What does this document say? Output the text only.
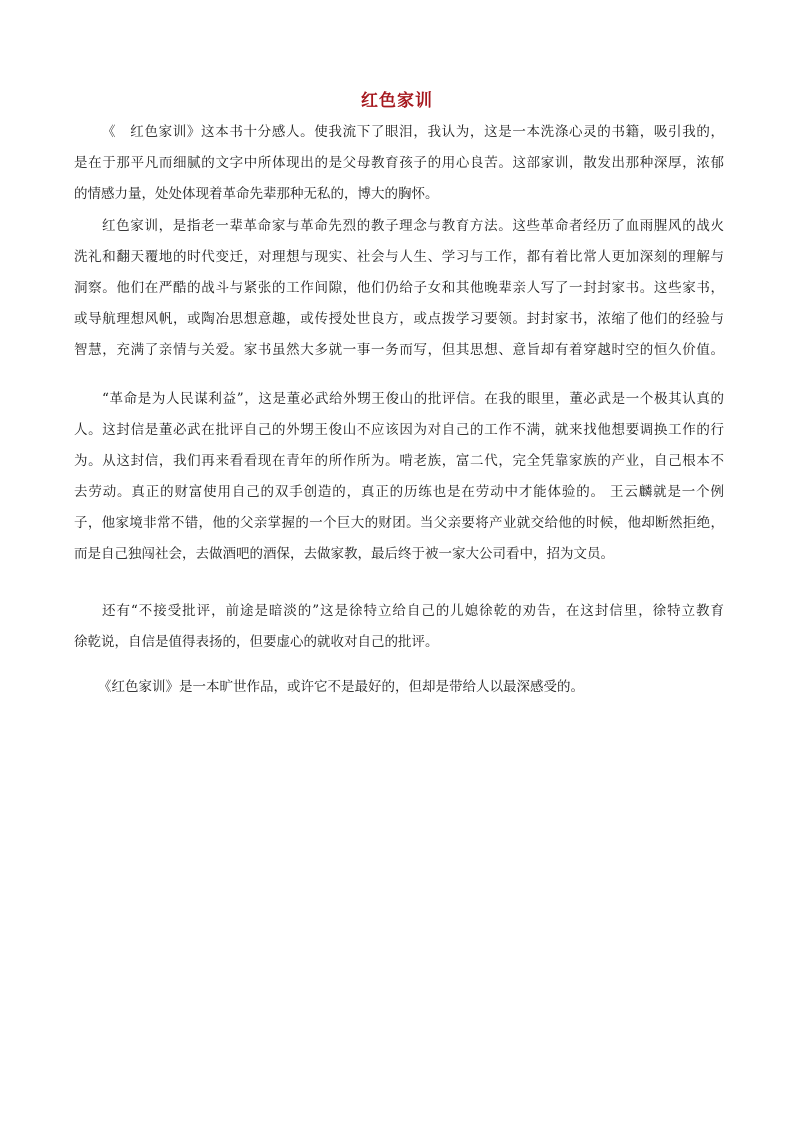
红色家训

《　红色家训》这本书十分感人。使我流下了眼泪，我认为，这是一本洗涤心灵的书籍，吸引我的，
是在于那平凡而细腻的文字中所体现出的是父母教育孩子的用心良苦。这部家训，散发出那种深厚，浓郁
的情感力量，处处体现着革命先辈那种无私的，博大的胸怀。

红色家训，是指老一辈革命家与革命先烈的教子理念与教育方法。这些革命者经历了血雨腥风的战火
洗礼和翻天覆地的时代变迁，对理想与现实、社会与人生、学习与工作，都有着比常人更加深刻的理解与
洞察。他们在严酷的战斗与紧张的工作间隙，他们仍给子女和其他晚辈亲人写了一封封家书。这些家书，
或导航理想风帆，或陶冶思想意趣，或传授处世良方，或点拨学习要领。封封家书，浓缩了他们的经验与
智慧，充满了亲情与关爱。家书虽然大多就一事一务而写，但其思想、意旨却有着穿越时空的恒久价值。

“革命是为人民谋利益”，这是董必武给外甥王俊山的批评信。在我的眼里，董必武是一个极其认真的
人。这封信是董必武在批评自己的外甥王俊山不应该因为对自己的工作不满，就来找他想要调换工作的行
为。从这封信，我们再来看看现在青年的所作所为。啃老族，富二代，完全凭靠家族的产业，自己根本不
去劳动。真正的财富使用自己的双手创造的，真正的历练也是在劳动中才能体验的。 王云麟就是一个例
子，他家境非常不错，他的父亲掌握的一个巨大的财团。当父亲要将产业就交给他的时候，他却断然拒绝，
而是自己独闯社会，去做酒吧的酒保，去做家教，最后终于被一家大公司看中，招为文员。

还有“不接受批评，前途是暗淡的”这是徐特立给自己的儿媳徐乾的劝告，在这封信里，徐特立教育
徐乾说，自信是值得表扬的，但要虚心的就收对自己的批评。

《红色家训》是一本旷世作品，或许它不是最好的，但却是带给人以最深感受的。
